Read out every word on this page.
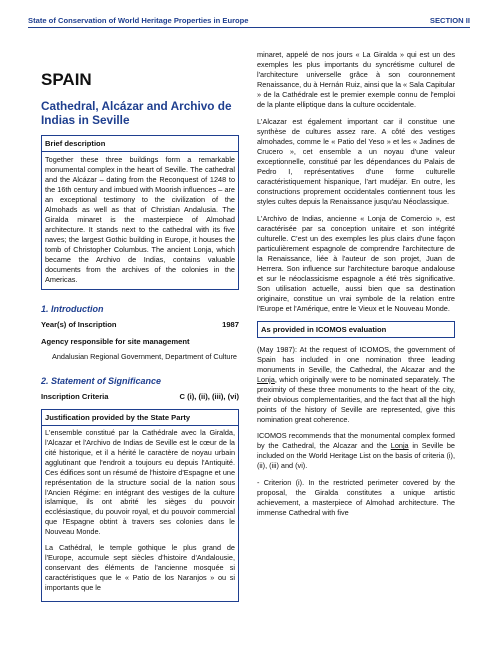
State of Conservation of World Heritage Properties in Europe	SECTION II
SPAIN
Cathedral, Alcázar and Archivo de Indias in Seville
Brief description
Together these three buildings form a remarkable monumental complex in the heart of Seville. The cathedral and the Alcázar – dating from the Reconquest of 1248 to the 16th century and imbued with Moorish influences – are an exceptional testimony to the civilization of the Almohads as well as that of Christian Andalusia. The Giralda minaret is the masterpiece of Almohad architecture. It stands next to the cathedral with its five naves; the largest Gothic building in Europe, it houses the tomb of Christopher Columbus. The ancient Lonja, which became the Archivo de Indias, contains valuable documents from the archives of the colonies in the Americas.
1. Introduction
Year(s) of Inscription	1987
Agency responsible for site management
Andalusian Regional Government, Department of Culture
2. Statement of Significance
Inscription Criteria	C (i), (ii), (iii), (vi)
Justification provided by the State Party

L'ensemble constitué par la Cathédrale avec la Giralda, l'Alcazar et l'Archivo de Indias de Seville est le cœur de la cité historique, et il a hérité le caractère de noyau urbain agglutinant que l'endroit a toujours eu depuis l'Antiquité. Ces édifices sont un résumé de l'histoire d'Espagne et une représentation de la structure social de la nation sous l'Ancien Régime: en intégrant des vestiges de la culture islamique, ils ont abrité les sièges du pouvoir ecclésiastique, du pouvoir royal, et du pouvoir commercial que l'Espagne obtint à travers ses colonies dans le Nouveau Monde.

La Cathédral, le temple gothique le plus grand de l'Europe, accumule sept siècles d'histoire d'Andalousie, conservant des éléments de l'ancienne mosquée si caractéristiques que le « Patio de los Naranjos » ou si importants que le

minaret, appelé de nos jours « La Giralda » qui est un des exemples les plus importants du syncrétisme culturel de l'architecture universelle grâce à son couronnement Renaissance, du à Hernán Ruiz, ainsi que la « Sala Capitular » de la Cathédrale est le premier exemple connu de l'emploi de la plante elliptique dans la culture occidentale.

L'Alcazar est également important car il constitue une synthèse de cultures assez rare. A côté des vestiges almohades, comme le « Patio del Yeso » et les « Jadines de Crucero », cet ensemble a un noyau d'une valeur exceptionnelle, constitué par les dépendances du Palais de Pedro I, représentatives d'une forme culturelle caractéristiquement hispanique, l'art mudéjar. En outre, les constructions proprement occidentales contiennent tous les styles cultes depuis la Renaissance jusqu'au Néoclassique.

L'Archivo de Indias, ancienne « Lonja de Comercio », est caractérisée par sa conception unitaire et son intégrité culturelle. C'est un des exemples les plus clairs d'une façon particulièrement espagnole de comprendre l'architecture de la Renaissance, liée à l'auteur de son projet, Juan de Herrera. Son influence sur l'architecture baroque andalouse et sur le néoclassicisme espagnole a été très significative. Son utilisation actuelle, aussi bien que sa destination originaire, constitue un vrai symbole de la relation entre l'Europe et l'Amérique, entre le Vieux et le Nouveau Monde.

As provided in ICOMOS evaluation

(May 1987): At the request of ICOMOS, the government of Spain has included in one nomination three leading monuments in Seville, the Cathedral, the Alcazar and the Lonja, which originally were to be nominated separately. The proximity of these three monuments to the heart of the city, their obvious complementarities, and the fact that all the high points of the history of Seville are represented, give this nomination great coherence.

ICOMOS recommends that the monumental complex formed by the Cathedral, the Alcazar and the Lonja in Seville be included on the World Heritage List on the basis of criteria (i), (ii), (iii) and (vi).

- Criterion (i). In the restricted perimeter covered by the proposal, the Giralda constitutes a unique artistic achievement, a masterpiece of Almohad architecture. The immense Cathedral with five
